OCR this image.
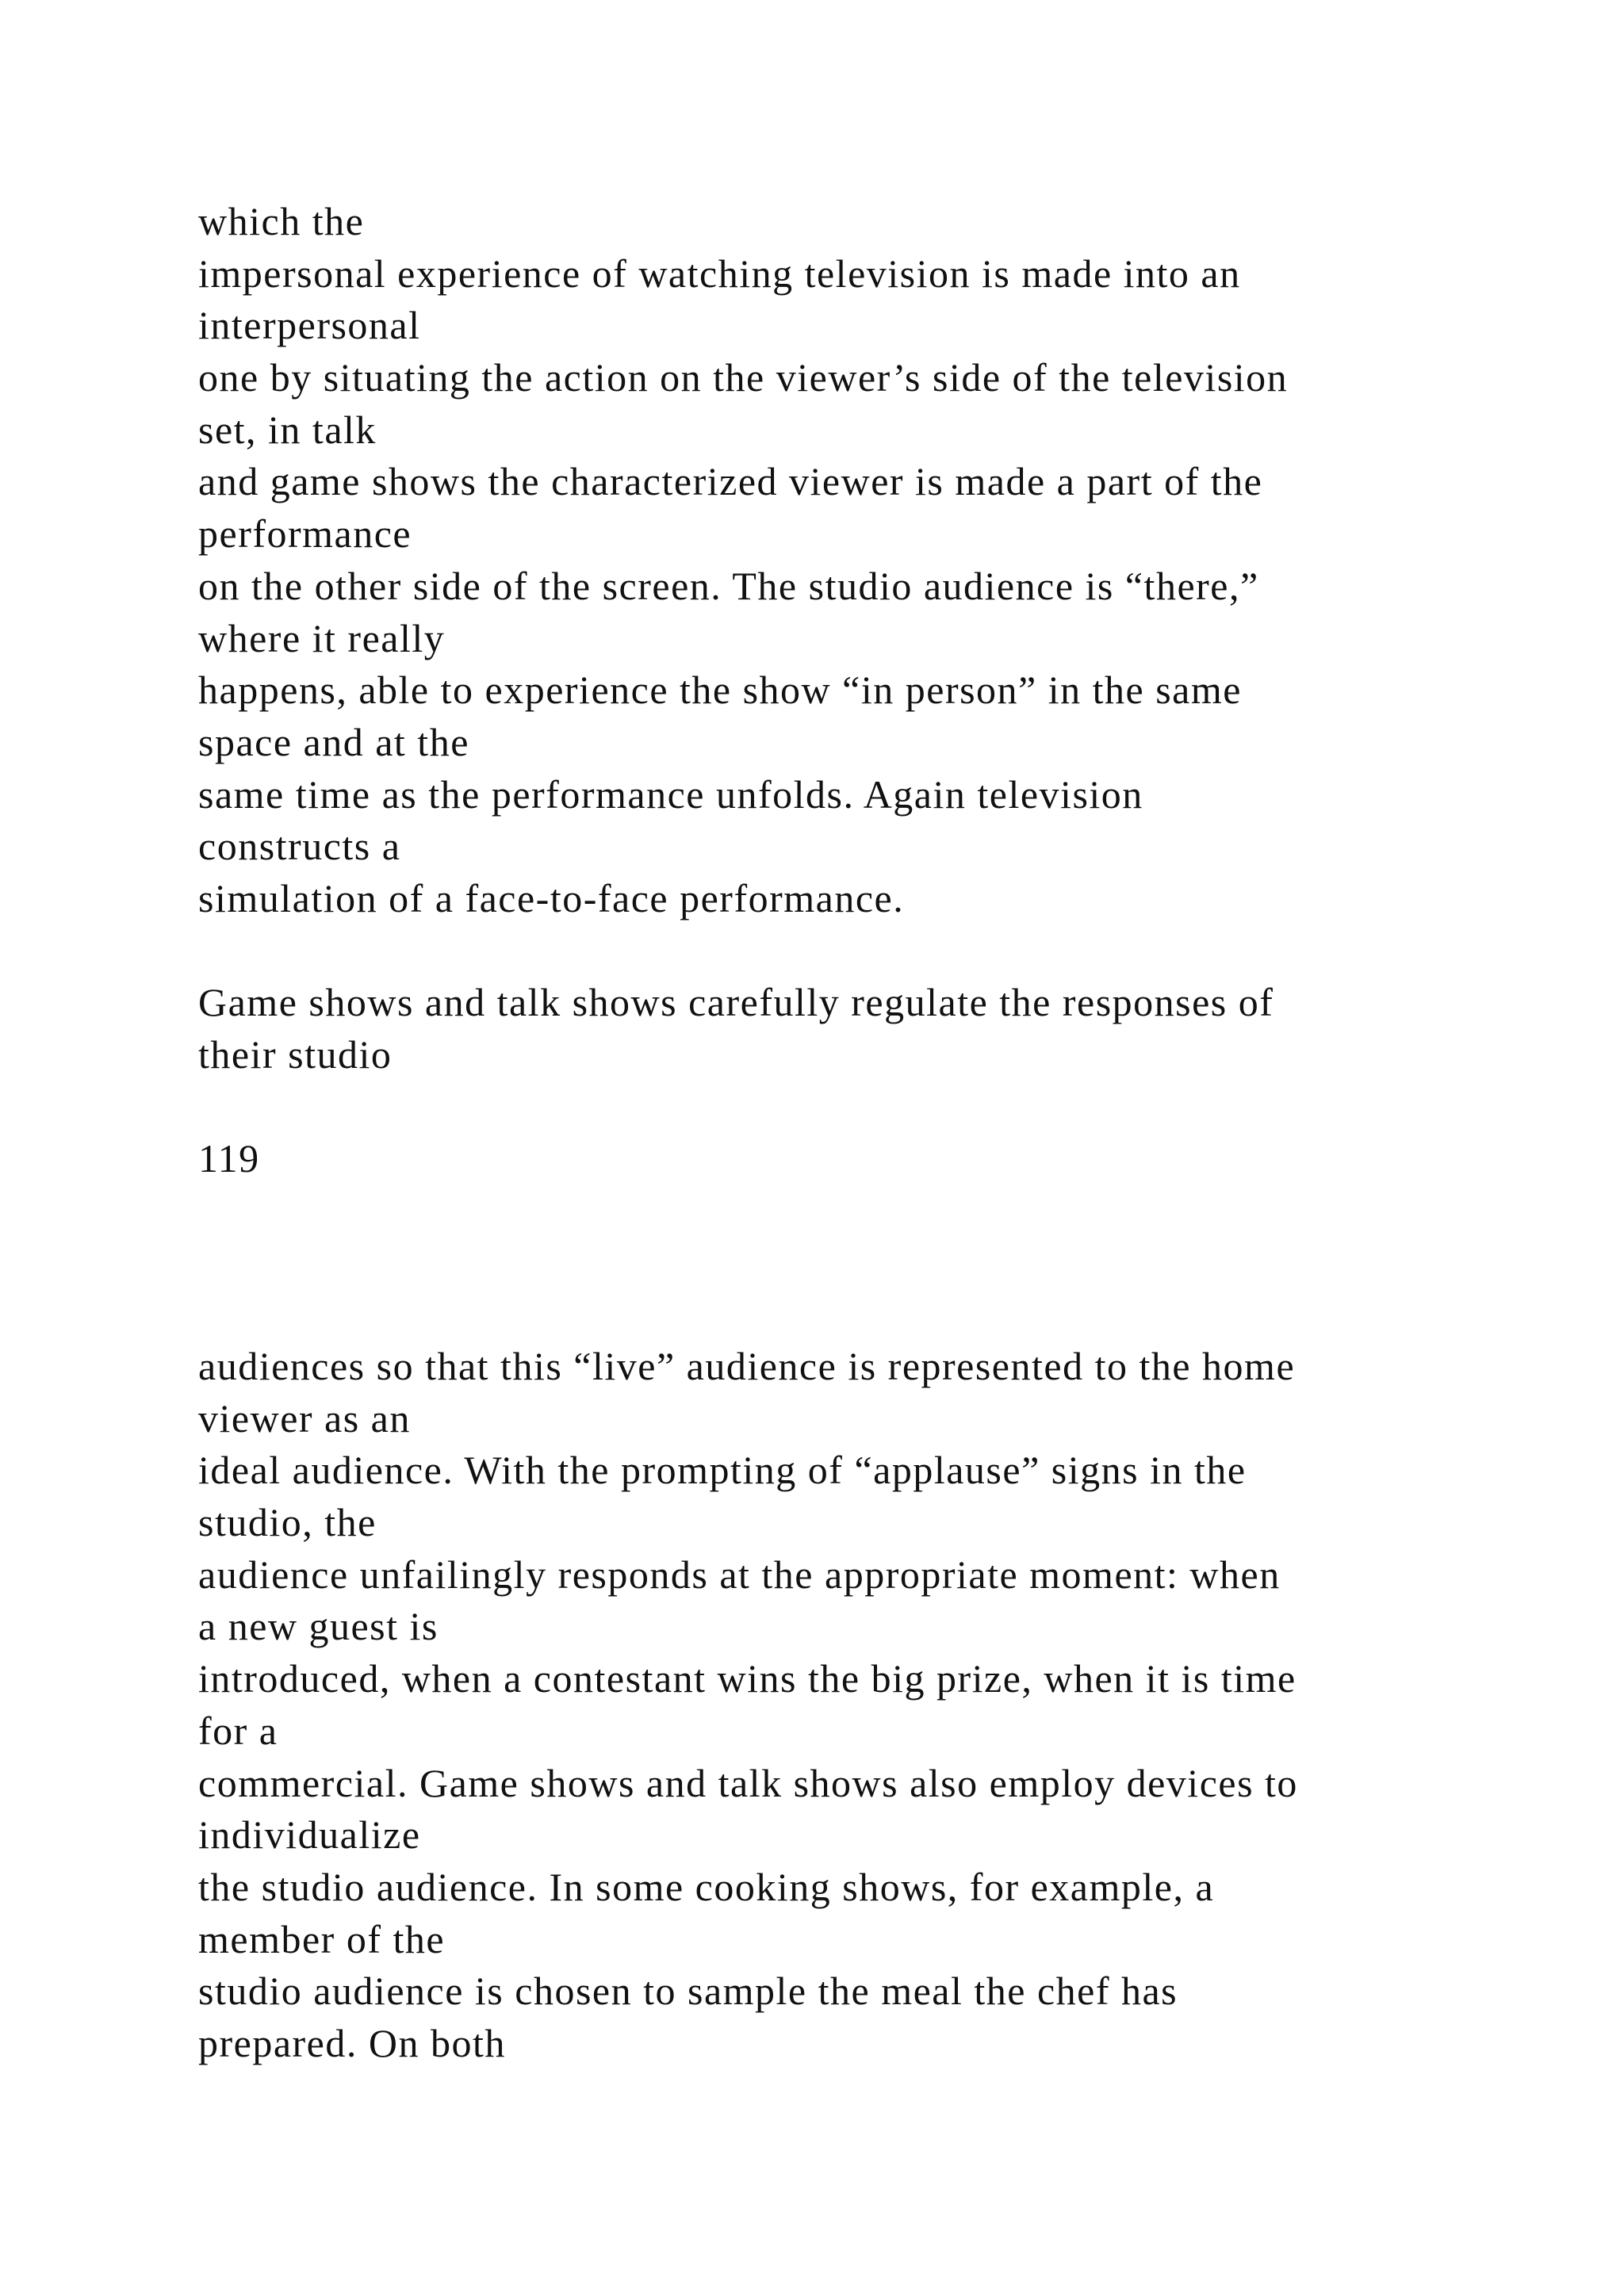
which the
impersonal experience of watching television is made into an
interpersonal
one by situating the action on the viewer’s side of the television
set, in talk
and game shows the characterized viewer is made a part of the
performance
on the other side of the screen. The studio audience is “there,”
where it really
happens, able to experience the show “in person” in the same
space and at the
same time as the performance unfolds. Again television
constructs a
simulation of a face-to-face performance.
Game shows and talk shows carefully regulate the responses of
their studio
119
audiences so that this “live” audience is represented to the home
viewer as an
ideal audience. With the prompting of “applause” signs in the
studio, the
audience unfailingly responds at the appropriate moment: when
a new guest is
introduced, when a contestant wins the big prize, when it is time
for a
commercial. Game shows and talk shows also employ devices to
individualize
the studio audience. In some cooking shows, for example, a
member of the
studio audience is chosen to sample the meal the chef has
prepared. On both
